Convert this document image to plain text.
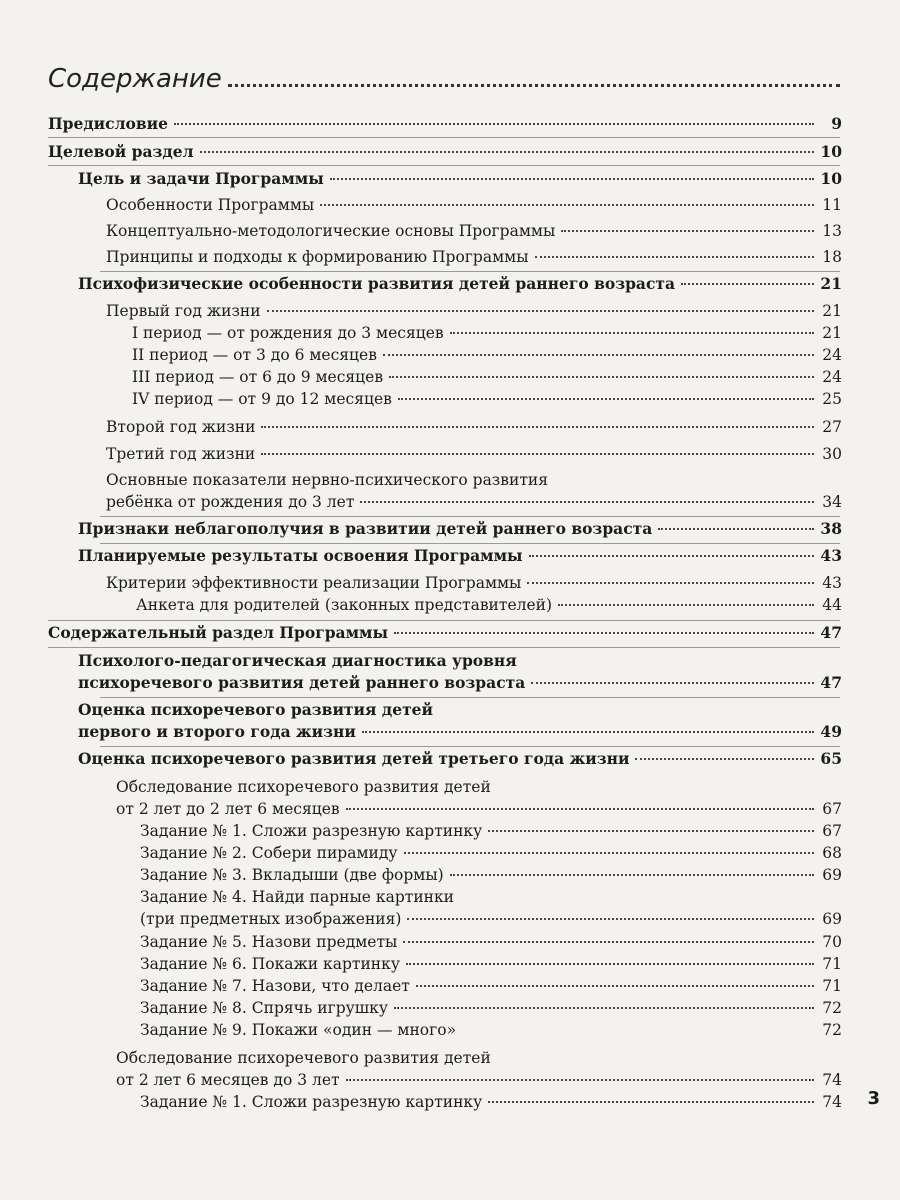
Содержание
Предисловие	9
Целевой раздел	10
Цель и задачи Программы	10
Особенности Программы	11
Концептуально-методологические основы Программы	13
Принципы и подходы к формированию Программы	18
Психофизические особенности развития детей раннего возраста	21
Первый год жизни	21
I период — от рождения до 3 месяцев	21
II период — от 3 до 6 месяцев	24
III период — от 6 до 9 месяцев	24
IV период — от 9 до 12 месяцев	25
Второй год жизни	27
Третий год жизни	30
Основные показатели нервно-психического развития
ребёнка от рождения до 3 лет	34
Признаки неблагополучия в развитии детей раннего возраста	38
Планируемые результаты освоения Программы	43
Критерии эффективности реализации Программы	43
Анкета для родителей (законных представителей)	44
Содержательный раздел Программы	47
Психолого-педагогическая диагностика уровня
психоречевого развития детей раннего возраста	47
Оценка психоречевого развития детей
первого и второго года жизни	49
Оценка психоречевого развития детей третьего года жизни	65
Обследование психоречевого развития детей
от 2 лет до 2 лет 6 месяцев	67
Задание № 1. Сложи разрезную картинку	67
Задание № 2. Собери пирамиду	68
Задание № 3. Вкладыши (две формы)	69
Задание № 4. Найди парные картинки
(три предметных изображения)	69
Задание № 5. Назови предметы	70
Задание № 6. Покажи картинку	71
Задание № 7. Назови, что делает	71
Задание № 8. Спрячь игрушку	72
Задание № 9. Покажи «один — много»	72
Обследование психоречевого развития детей
от 2 лет 6 месяцев до 3 лет	74
Задание № 1. Сложи разрезную картинку	74 3
